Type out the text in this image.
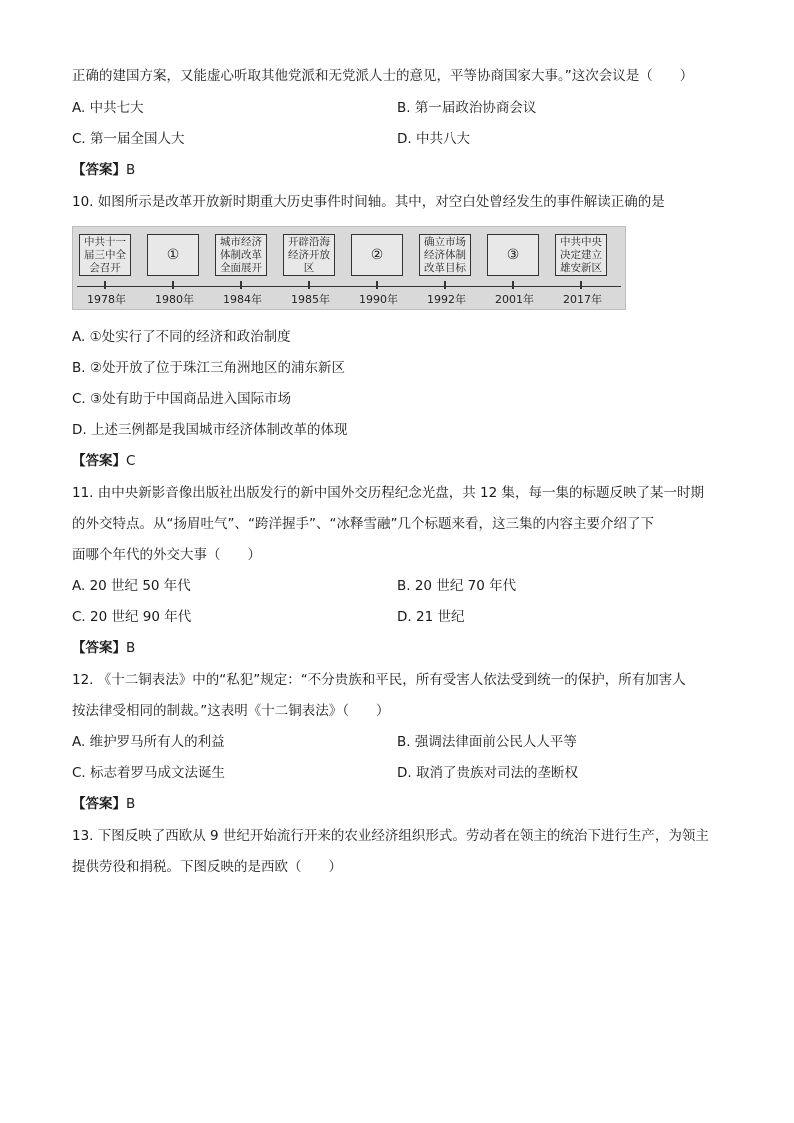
正确的建国方案，又能虚心听取其他党派和无党派人士的意见，平等协商国家大事。”这次会议是（　　）
A. 中共七大	B. 第一届政治协商会议
C. 第一届全国人大	D. 中共八大
【答案】B
10. 如图所示是改革开放新时期重大历史事件时间轴。其中，对空白处曾经发生的事件解读正确的是
中共十一届三中全会召开
①
城市经济体制改革全面展开
开辟沿海经济开放区
②
确立市场经济体制改革目标
③
中共中央决定建立雄安新区
1978年	1980年	1984年	1985年	1990年	1992年	2001年	2017年
A. ①处实行了不同的经济和政治制度
B. ②处开放了位于珠江三角洲地区的浦东新区
C. ③处有助于中国商品进入国际市场
D. 上述三例都是我国城市经济体制改革的体现
【答案】C
11. 由中央新影音像出版社出版发行的新中国外交历程纪念光盘，共 12 集，每一集的标题反映了某一时期
的外交特点。从“扬眉吐气”、“跨洋握手”、“冰释雪融”几个标题来看，这三集的内容主要介绍了下
面哪个年代的外交大事（　　）
A. 20 世纪 50 年代	B. 20 世纪 70 年代
C. 20 世纪 90 年代	D. 21 世纪
【答案】B
12. 《十二铜表法》中的“私犯”规定：“不分贵族和平民，所有受害人依法受到统一的保护，所有加害人
按法律受相同的制裁。”这表明《十二铜表法》（　　）
A. 维护罗马所有人的利益	B. 强调法律面前公民人人平等
C. 标志着罗马成文法诞生	D. 取消了贵族对司法的垄断权
【答案】B
13. 下图反映了西欧从 9 世纪开始流行开来的农业经济组织形式。劳动者在领主的统治下进行生产，为领主
提供劳役和捐税。下图反映的是西欧（　　）
